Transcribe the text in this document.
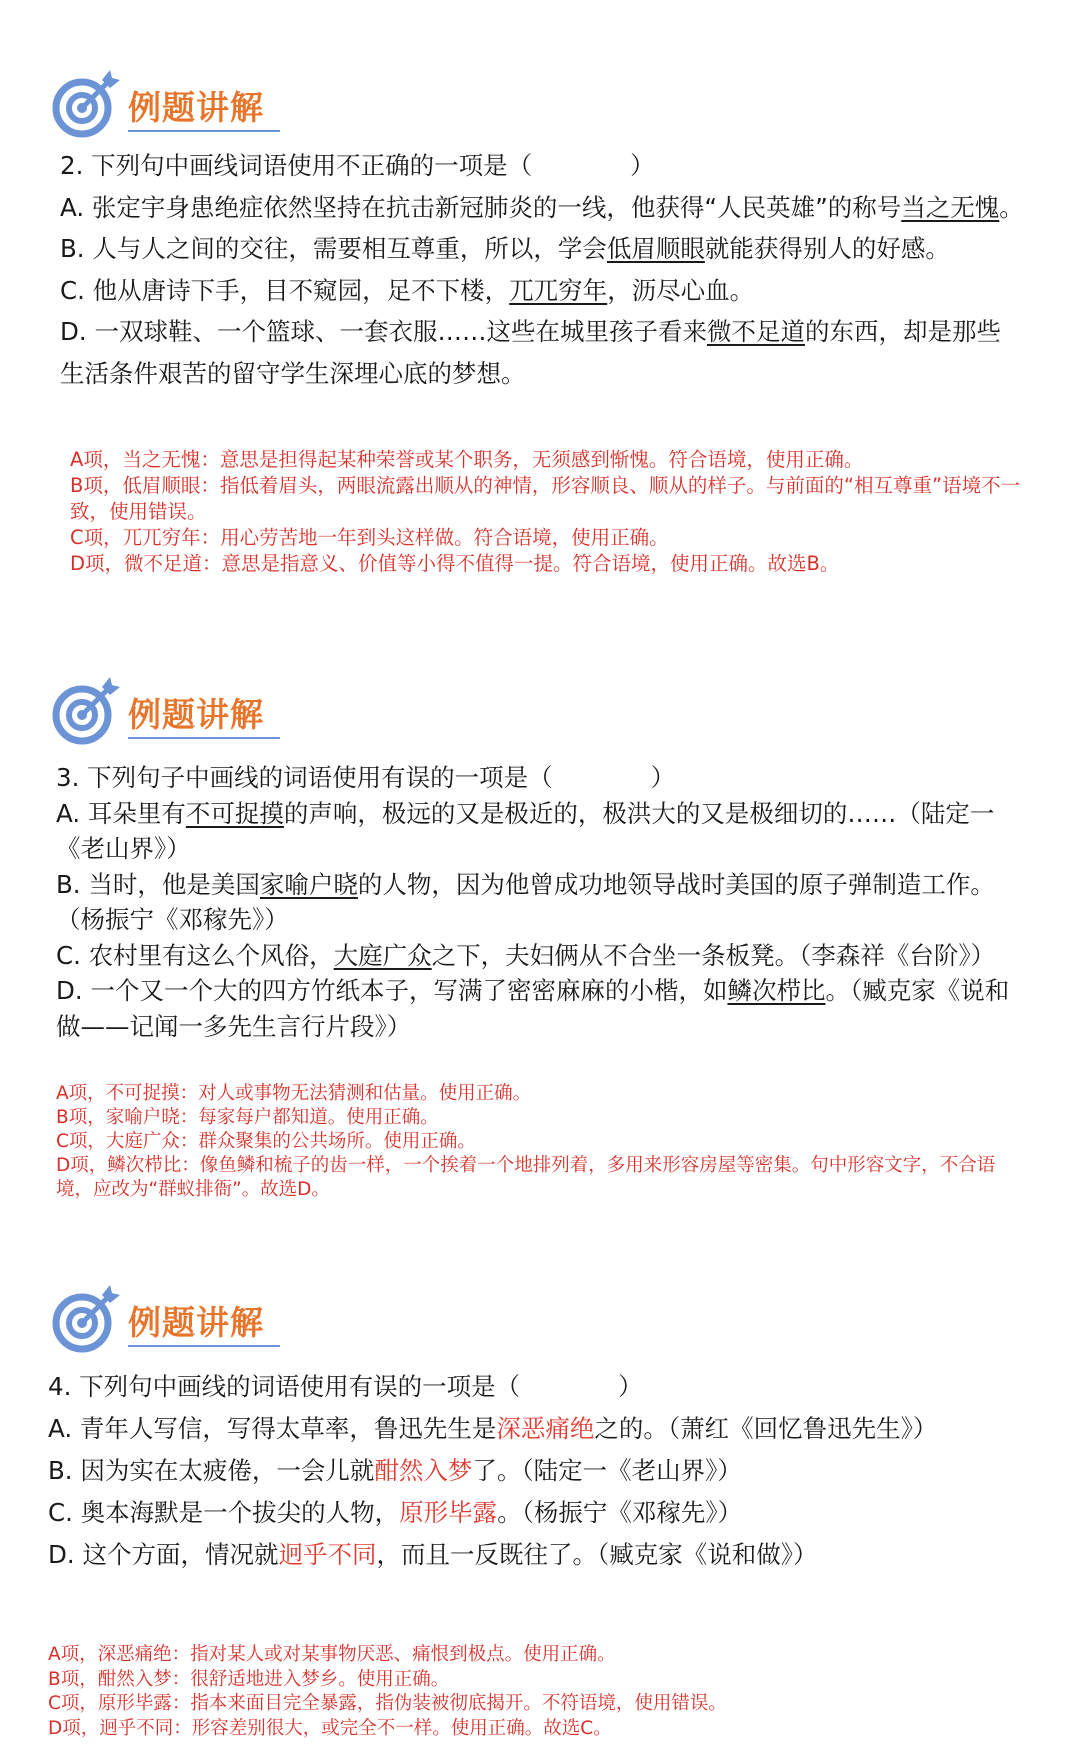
例题讲解

2. 下列句中画线词语使用不正确的一项是（　　　　）

A. 张定宇身患绝症依然坚持在抗击新冠肺炎的一线，他获得“人民英雄”的称号当之无愧。

B. 人与人之间的交往，需要相互尊重，所以，学会低眉顺眼就能获得别人的好感。

C. 他从唐诗下手，目不窥园，足不下楼，兀兀穷年，沥尽心血。

D. 一双球鞋、一个篮球、一套衣服……这些在城里孩子看来微不足道的东西，却是那些生活条件艰苦的留守学生深埋心底的梦想。

A项，当之无愧：意思是担得起某种荣誉或某个职务，无须感到惭愧。符合语境，使用正确。

B项，低眉顺眼：指低着眉头，两眼流露出顺从的神情，形容顺良、顺从的样子。与前面的“相互尊重”语境不一致，使用错误。

C项，兀兀穷年：用心劳苦地一年到头这样做。符合语境，使用正确。

D项，微不足道：意思是指意义、价值等小得不值得一提。符合语境，使用正确。故选B。

例题讲解

3. 下列句子中画线的词语使用有误的一项是（　　　　）

A. 耳朵里有不可捉摸的声响，极远的又是极近的，极洪大的又是极细切的……（陆定一《老山界》）

B. 当时，他是美国家喻户晓的人物，因为他曾成功地领导战时美国的原子弹制造工作。（杨振宁《邓稼先》）

C. 农村里有这么个风俗，大庭广众之下，夫妇俩从不合坐一条板凳。（李森祥《台阶》）

D. 一个又一个大的四方竹纸本子，写满了密密麻麻的小楷，如鳞次栉比。（臧克家《说和做——记闻一多先生言行片段》）

A项，不可捉摸：对人或事物无法猜测和估量。使用正确。

B项，家喻户晓：每家每户都知道。使用正确。

C项，大庭广众：群众聚集的公共场所。使用正确。

D项，鳞次栉比：像鱼鳞和梳子的齿一样，一个挨着一个地排列着，多用来形容房屋等密集。句中形容文字，不合语境，应改为“群蚁排衙”。故选D。

例题讲解

4. 下列句中画线的词语使用有误的一项是（　　　　）

A. 青年人写信，写得太草率，鲁迅先生是深恶痛绝之的。（萧红《回忆鲁迅先生》）

B. 因为实在太疲倦，一会儿就酣然入梦了。（陆定一《老山界》）

C. 奥本海默是一个拔尖的人物，原形毕露。（杨振宁《邓稼先》）

D. 这个方面，情况就迥乎不同，而且一反既往了。（臧克家《说和做》）

A项，深恶痛绝：指对某人或对某事物厌恶、痛恨到极点。使用正确。

B项，酣然入梦：很舒适地进入梦乡。使用正确。

C项，原形毕露：指本来面目完全暴露，指伪装被彻底揭开。不符语境，使用错误。

D项，迥乎不同：形容差别很大，或完全不一样。使用正确。故选C。
